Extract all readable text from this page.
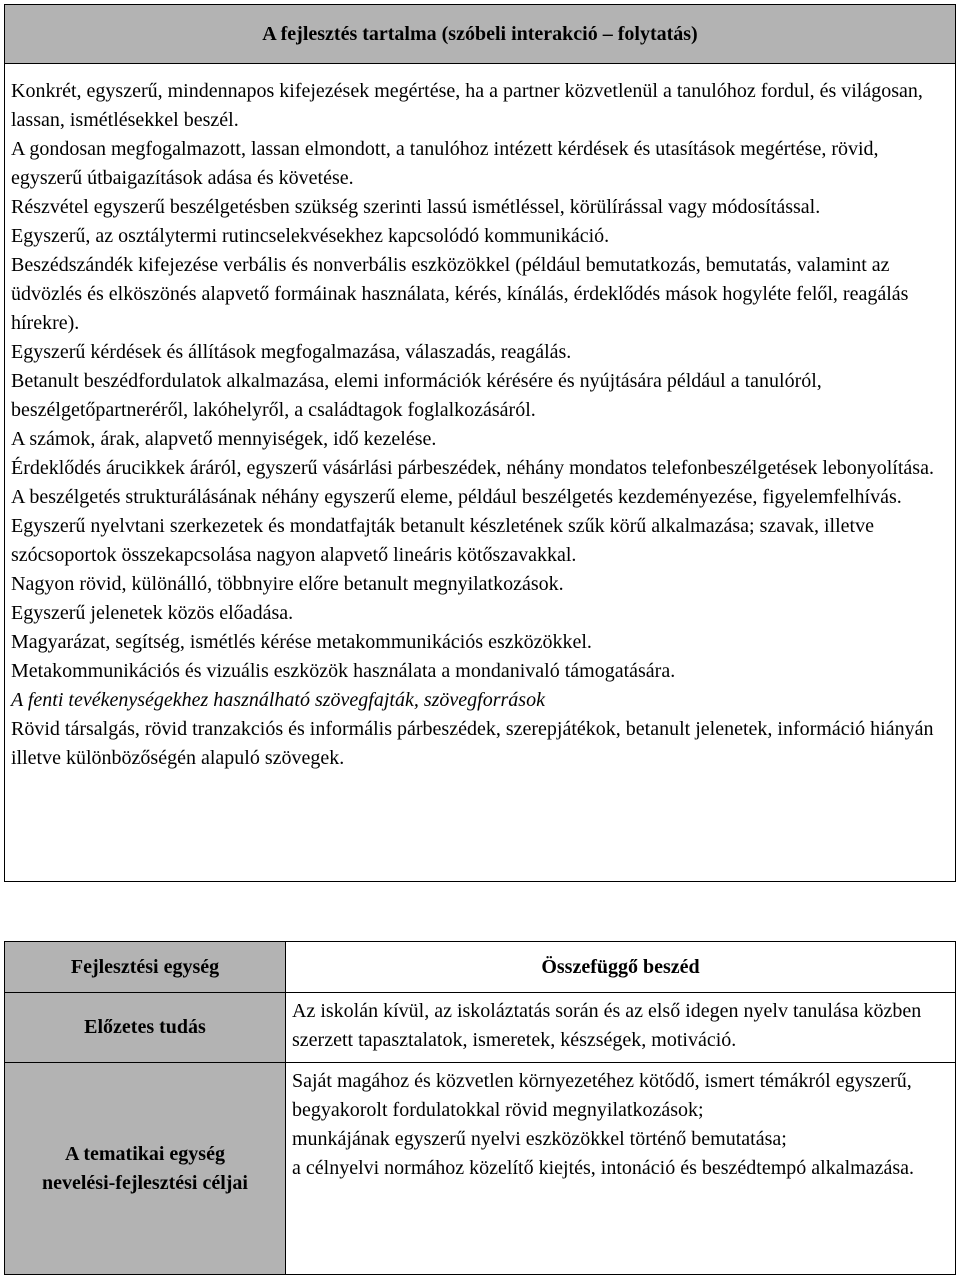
A fejlesztés tartalma (szóbeli interakció – folytatás)

Konkrét, egyszerű, mindennapos kifejezések megértése, ha a partner közvetlenül a tanulóhoz fordul, és világosan, lassan, ismétlésekkel beszél.

A gondosan megfogalmazott, lassan elmondott, a tanulóhoz intézett kérdések és utasítások megértése, rövid, egyszerű útbaigazítások adása és követése.

Részvétel egyszerű beszélgetésben szükség szerinti lassú ismétléssel, körülírással vagy módosítással.

Egyszerű, az osztálytermi rutincselekvésekhez kapcsolódó kommunikáció.

Beszédszándék kifejezése verbális és nonverbális eszközökkel (például bemutatkozás, bemutatás, valamint az üdvözlés és elköszönés alapvető formáinak használata, kérés, kínálás, érdeklődés mások hogyléte felől, reagálás hírekre).

Egyszerű kérdések és állítások megfogalmazása, válaszadás, reagálás.

Betanult beszédfordulatok alkalmazása, elemi információk kérésére és nyújtására például a tanulóról, beszélgetőpartneréről, lakóhelyről, a családtagok foglalkozásáról.

A számok, árak, alapvető mennyiségek, idő kezelése.

Érdeklődés árucikkek áráról, egyszerű vásárlási párbeszédek, néhány mondatos telefonbeszélgetések lebonyolítása.

A beszélgetés strukturálásának néhány egyszerű eleme, például beszélgetés kezdeményezése, figyelemfelhívás.

Egyszerű nyelvtani szerkezetek és mondatfajták betanult készletének szűk körű alkalmazása; szavak, illetve szócsoportok összekapcsolása nagyon alapvető lineáris kötőszavakkal.

Nagyon rövid, különálló, többnyire előre betanult megnyilatkozások.

Egyszerű jelenetek közös előadása.

Magyarázat, segítség, ismétlés kérése metakommunikációs eszközökkel.

Metakommunikációs és vizuális eszközök használata a mondanivaló támogatására.

A fenti tevékenységekhez használható szövegfajták, szövegforrások

Rövid társalgás, rövid tranzakciós és informális párbeszédek, szerepjátékok, betanult jelenetek, információ hiányán illetve különbözőségén alapuló szövegek.

Fejlesztési egység	Összefüggő beszéd
Előzetes tudás

Az iskolán kívül, az iskoláztatás során és az első idegen nyelv tanulása közben szerzett tapasztalatok, ismeretek, készségek, motiváció.

A tematikai egység
nevelési-fejlesztési céljai

Saját magához és közvetlen környezetéhez kötődő, ismert témákról egyszerű, begyakorolt fordulatokkal rövid megnyilatkozások;

munkájának egyszerű nyelvi eszközökkel történő bemutatása;

a célnyelvi normához közelítő kiejtés, intonáció és beszédtempó alkalmazása.
